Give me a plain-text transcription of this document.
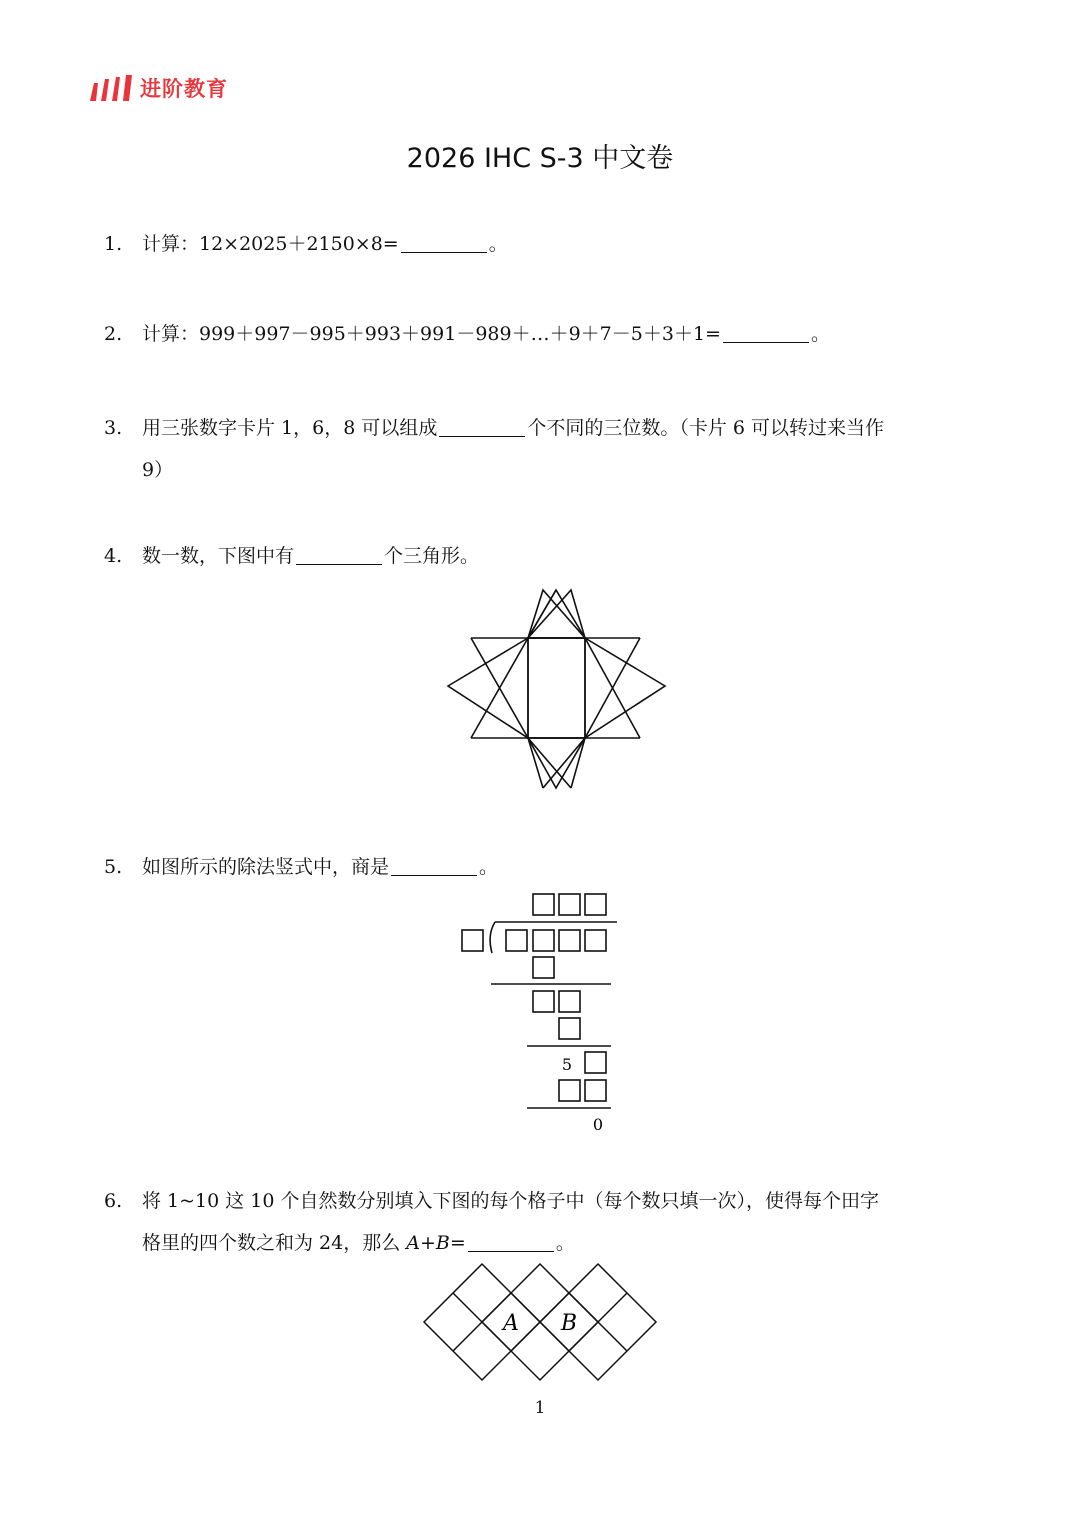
进阶教育
2026 IHC S-3 中文卷
1. 计算：12×2025＋2150×8=	。
2. 计算：999＋997－995＋993＋991－989＋…＋9＋7－5＋3＋1=	。
3. 用三张数字卡片 1，6，8 可以组成	个不同的三位数。（卡片 6 可以转过来当作
9）
4. 数一数，下图中有	个三角形。
5. 如图所示的除法竖式中，商是	。
5
0
6. 将 1~10 这 10 个自然数分别填入下图的每个格子中（每个数只填一次），使得每个田字
格里的四个数之和为 24，那么 A+B=	。
A B
1
